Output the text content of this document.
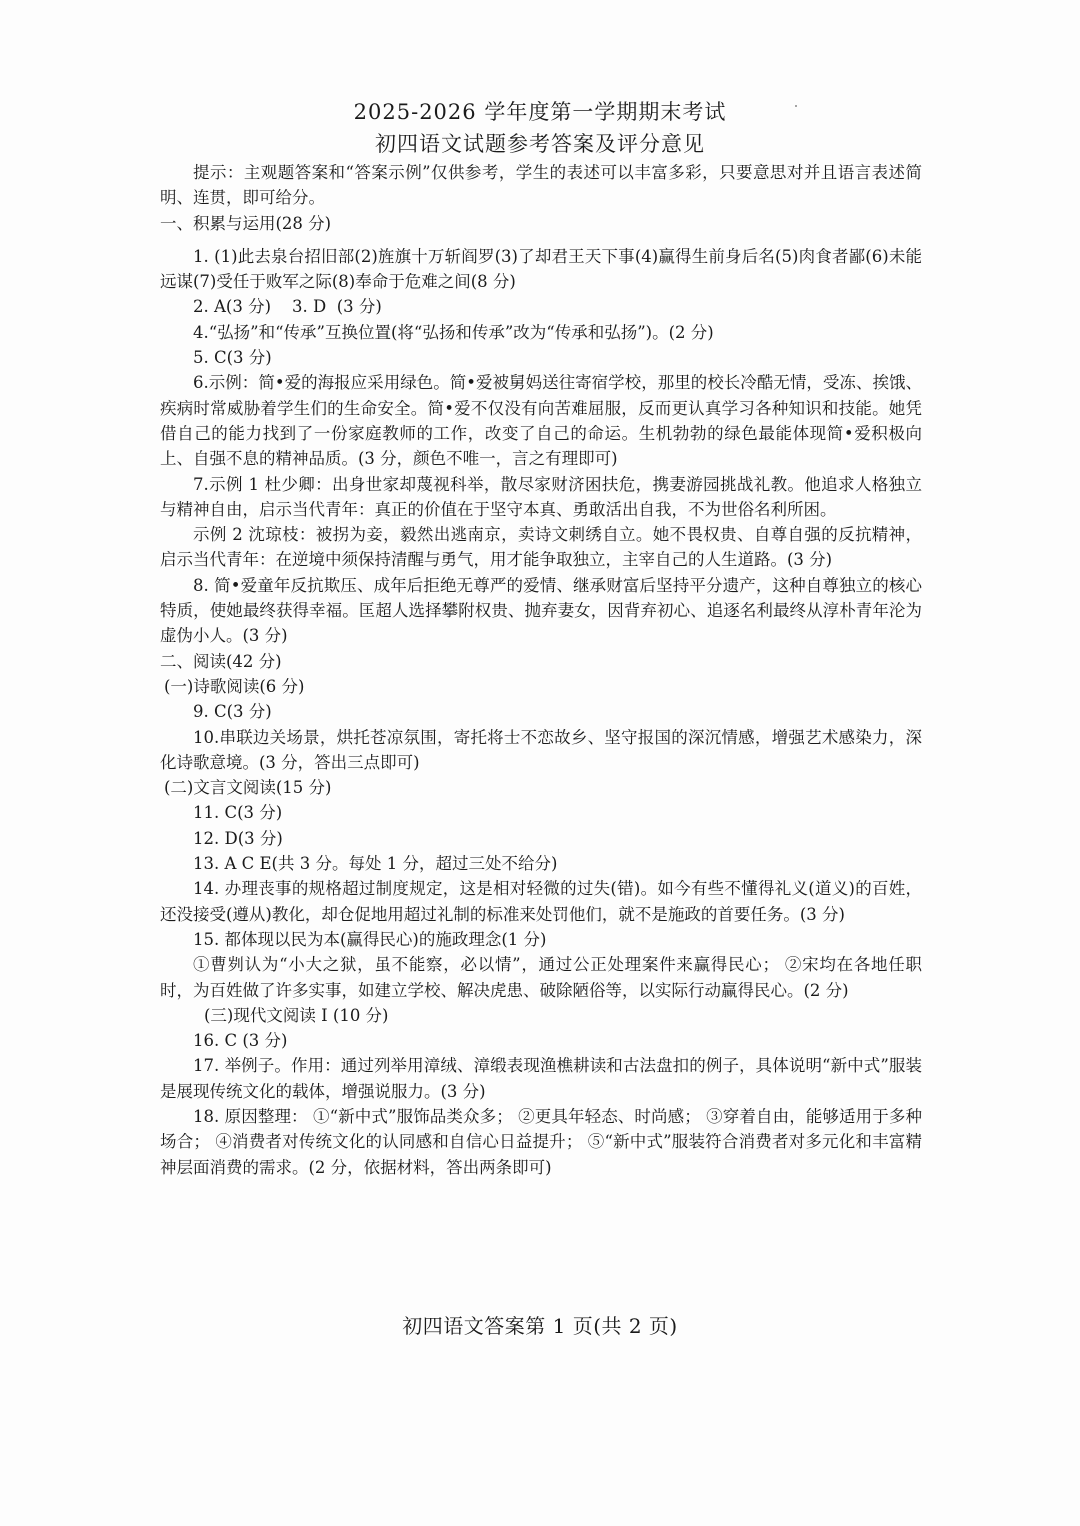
2025-2026 学年度第一学期期末考试
初四语文试题参考答案及评分意见

提示：主观题答案和“答案示例”仅供参考，学生的表述可以丰富多彩，只要意思对并且语言表述简明、连贯，即可给分。

一、积累与运用(28 分)

1. (1)此去泉台招旧部(2)旌旗十万斩阎罗(3)了却君王天下事(4)赢得生前身后名(5)肉食者鄙(6)未能远谋(7)受任于败军之际(8)奉命于危难之间(8 分)

2. A(3 分)    3. D  (3 分)

4.“弘扬”和“传承”互换位置(将“弘扬和传承”改为“传承和弘扬”)。(2 分)

5. C(3 分)

6.示例：简•爱的海报应采用绿色。简•爱被舅妈送往寄宿学校，那里的校长冷酷无情，受冻、挨饿、疾病时常威胁着学生们的生命安全。简•爱不仅没有向苦难屈服，反而更认真学习各种知识和技能。她凭借自己的能力找到了一份家庭教师的工作，改变了自己的命运。生机勃勃的绿色最能体现简•爱积极向上、自强不息的精神品质。(3 分，颜色不唯一，言之有理即可)

7.示例 1 杜少卿：出身世家却蔑视科举，散尽家财济困扶危，携妻游园挑战礼教。他追求人格独立与精神自由，启示当代青年：真正的价值在于坚守本真、勇敢活出自我，不为世俗名利所困。

示例 2 沈琼枝：被拐为妾，毅然出逃南京，卖诗文刺绣自立。她不畏权贵、自尊自强的反抗精神，启示当代青年：在逆境中须保持清醒与勇气，用才能争取独立，主宰自己的人生道路。(3 分)

8. 简•爱童年反抗欺压、成年后拒绝无尊严的爱情、继承财富后坚持平分遗产，这种自尊独立的核心特质，使她最终获得幸福。匡超人选择攀附权贵、抛弃妻女，因背弃初心、追逐名利最终从淳朴青年沦为虚伪小人。(3 分)

二、阅读(42 分)

(一)诗歌阅读(6 分)

9. C(3 分)

10.串联边关场景，烘托苍凉氛围，寄托将士不恋故乡、坚守报国的深沉情感，增强艺术感染力，深化诗歌意境。(3 分，答出三点即可)

(二)文言文阅读(15 分)

11. C(3 分)

12. D(3 分)

13. A C E(共 3 分。每处 1 分，超过三处不给分)

14. 办理丧事的规格超过制度规定，这是相对轻微的过失(错)。如今有些不懂得礼义(道义)的百姓，还没接受(遵从)教化，却仓促地用超过礼制的标准来处罚他们，就不是施政的首要任务。(3 分)

15. 都体现以民为本(赢得民心)的施政理念(1 分)

①曹刿认为“小大之狱，虽不能察，必以情”，通过公正处理案件来赢得民心； ②宋均在各地任职时，为百姓做了许多实事，如建立学校、解决虎患、破除陋俗等，以实际行动赢得民心。(2 分)

(三)现代文阅读 I (10 分)

16. C (3 分)

17. 举例子。作用：通过列举用漳绒、漳缎表现渔樵耕读和古法盘扣的例子，具体说明“新中式”服装是展现传统文化的载体，增强说服力。(3 分)

18. 原因整理： ①“新中式”服饰品类众多； ②更具年轻态、时尚感； ③穿着自由，能够适用于多种场合； ④消费者对传统文化的认同感和自信心日益提升； ⑤“新中式”服装符合消费者对多元化和丰富精神层面消费的需求。(2 分，依据材料，答出两条即可)

初四语文答案第 1 页(共 2 页)
